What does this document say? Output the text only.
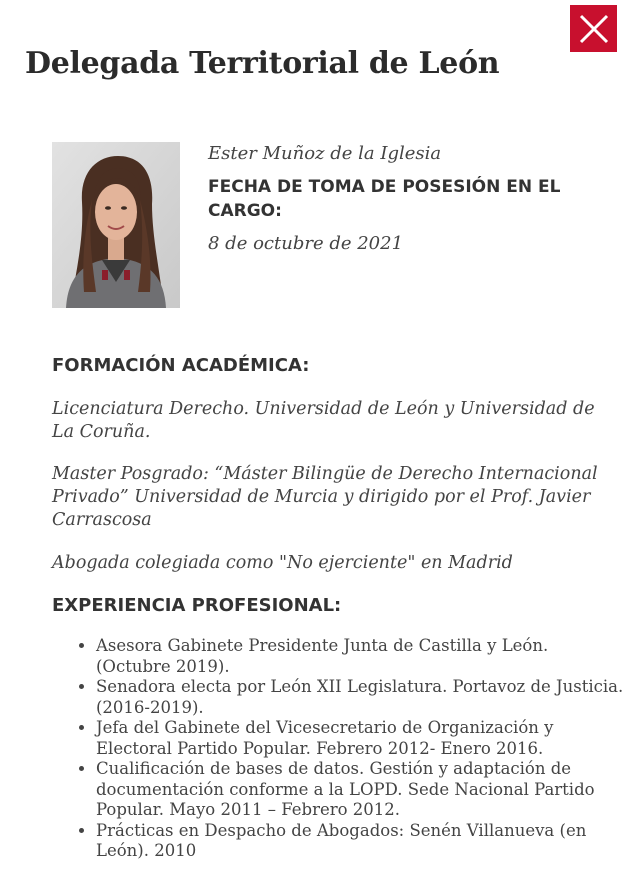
Delegada Territorial de León

Ester Muñoz de la Iglesia

FECHA DE TOMA DE POSESIÓN EN EL CARGO:

8 de octubre de 2021

FORMACIÓN ACADÉMICA:

Licenciatura Derecho. Universidad de León y Universidad de La Coruña.

Master Posgrado: “Máster Bilingüe de Derecho Internacional Privado” Universidad de Murcia y dirigido por el Prof. Javier Carrascosa

Abogada colegiada como "No ejerciente" en Madrid

EXPERIENCIA PROFESIONAL:
• Asesora Gabinete Presidente Junta de Castilla y León. (Octubre 2019).
• Senadora electa por León XII Legislatura. Portavoz de Justicia. (2016-2019).
• Jefa del Gabinete del Vicesecretario de Organización y Electoral Partido Popular. Febrero 2012- Enero 2016.
• Cualificación de bases de datos. Gestión y adaptación de documentación conforme a la LOPD. Sede Nacional Partido Popular. Mayo 2011 – Febrero 2012.
• Prácticas en Despacho de Abogados: Senén Villanueva (en León). 2010
